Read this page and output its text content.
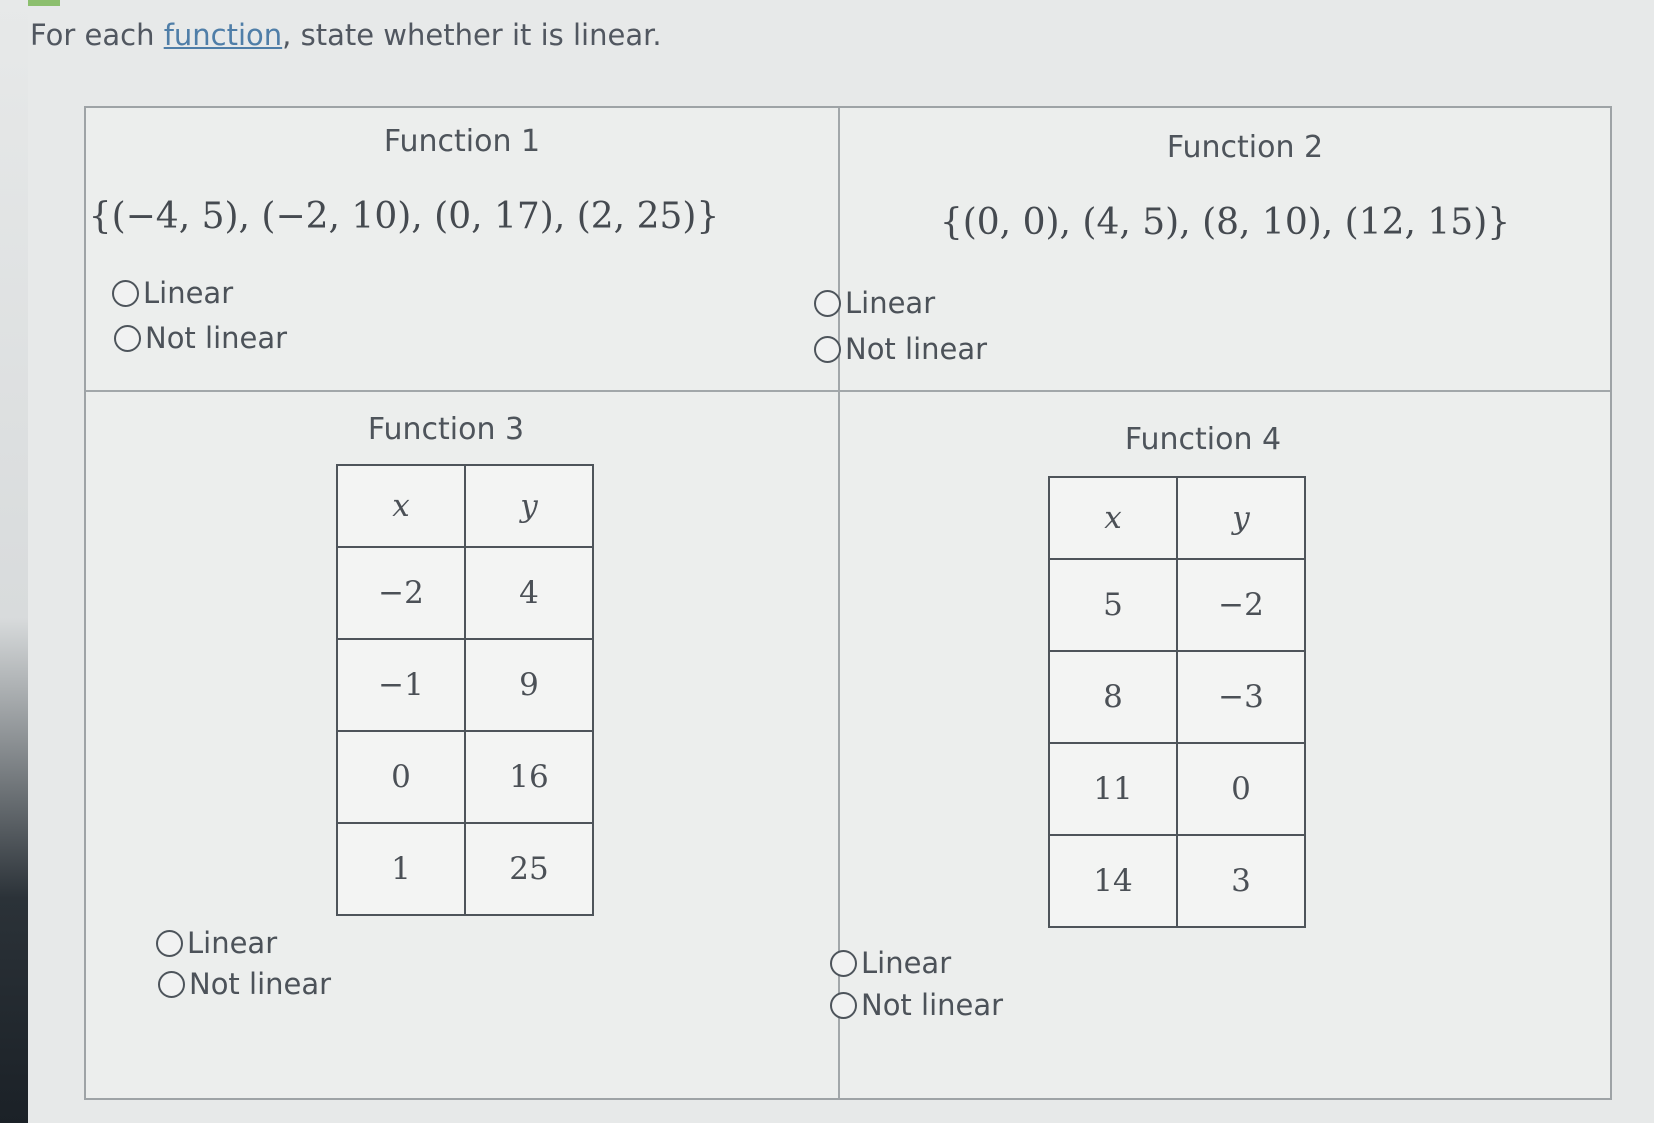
For each function, state whether it is linear.
Function 1
{(−4, 5), (−2, 10), (0, 17), (2, 25)}
Linear
Not linear
Function 2
{(0, 0), (4, 5), (8, 10), (12, 15)}
Linear
Not linear
Function 3
x	y
−2	4
−1	9
0	16
1	25
Linear
Not linear
Function 4
x	y
5	−2
8	−3
11	0
14	3
Linear
Not linear
